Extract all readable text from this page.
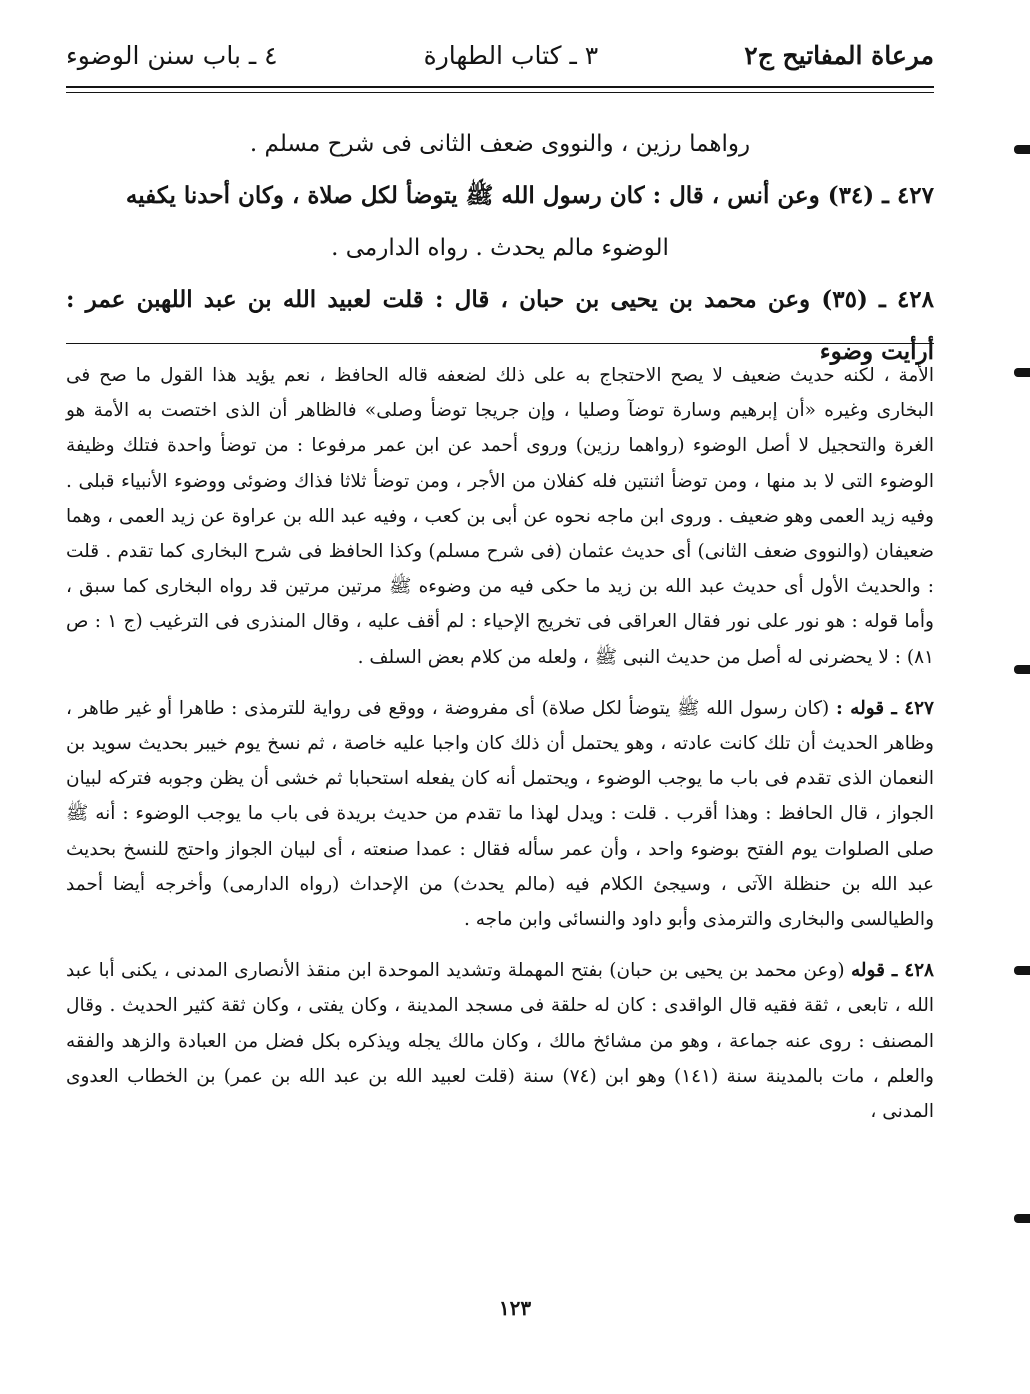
مرعاة المفاتيح ج٢
٣ ـ كتاب الطهارة
٤ ـ باب سنن الوضوء

رواهما رزين ، والنووى ضعف الثانى فى شرح مسلم .

٤٢٧ ـ (٣٤) وعن أنس ، قال : كان رسول الله ﷺ يتوضأ لكل صلاة ، وكان أحدنا يكفيه

الوضوء مالم يحدث . رواه الدارمى .

٤٢٨ ـ (٣٥) وعن محمد بن يحيى بن حبان ، قال : قلت لعبيد الله بن عبد اللهبن عمر : أرأيت وضوء

الأمة ، لكنه حديث ضعيف لا يصح الاحتجاج به على ذلك لضعفه قاله الحافظ ، نعم يؤيد هذا القول ما صح فى البخارى وغيره «أن إبرهيم وسارة توضآ وصليا ، وإن جريجا توضأ وصلى» فالظاهر أن الذى اختصت به الأمة هو الغرة والتحجيل لا أصل الوضوء (رواهما رزين) وروى أحمد عن ابن عمر مرفوعا : من توضأ واحدة فتلك وظيفة الوضوء التى لا بد منها ، ومن توضأ اثنتين فله كفلان من الأجر ، ومن توضأ ثلاثا فذاك وضوئى ووضوء الأنبياء قبلى . وفيه زيد العمى وهو ضعيف . وروى ابن ماجه نحوه عن أبى بن كعب ، وفيه عبد الله بن عراوة عن زيد العمى ، وهما ضعيفان (والنووى ضعف الثانى) أى حديث عثمان (فى شرح مسلم) وكذا الحافظ فى شرح البخارى كما تقدم . قلت : والحديث الأول أى حديث عبد الله بن زيد ما حكى فيه من وضوءه ﷺ مرتين مرتين قد رواه البخارى كما سبق ، وأما قوله : هو نور على نور فقال العراقى فى تخريج الإحياء : لم أقف عليه ، وقال المنذرى فى الترغيب (ج ١ : ص ٨١) : لا يحضرنى له أصل من حديث النبى ﷺ ، ولعله من كلام بعض السلف .

٤٢٧ ـ قوله : (كان رسول الله ﷺ يتوضأ لكل صلاة) أى مفروضة ، ووقع فى رواية للترمذى : طاهرا أو غير طاهر ، وظاهر الحديث أن تلك كانت عادته ، وهو يحتمل أن ذلك كان واجبا عليه خاصة ، ثم نسخ يوم خيبر بحديث سويد بن النعمان الذى تقدم فى باب ما يوجب الوضوء ، ويحتمل أنه كان يفعله استحبابا ثم خشى أن يظن وجوبه فتركه لبيان الجواز ، قال الحافظ : وهذا أقرب . قلت : ويدل لهذا ما تقدم من حديث بريدة فى باب ما يوجب الوضوء : أنه ﷺ صلى الصلوات يوم الفتح بوضوء واحد ، وأن عمر سأله فقال : عمدا صنعته ، أى لبيان الجواز واحتج للنسخ بحديث عبد الله بن حنظلة الآتى ، وسيجئ الكلام فيه (مالم يحدث) من الإحداث (رواه الدارمى) وأخرجه أيضا أحمد والطيالسى والبخارى والترمذى وأبو داود والنسائى وابن ماجه .

٤٢٨ ـ قوله (وعن محمد بن يحيى بن حبان) بفتح المهملة وتشديد الموحدة ابن منقذ الأنصارى المدنى ، يكنى أبا عبد الله ، تابعى ، ثقة فقيه قال الواقدى : كان له حلقة فى مسجد المدينة ، وكان يفتى ، وكان ثقة كثير الحديث . وقال المصنف : روى عنه جماعة ، وهو من مشائخ مالك ، وكان مالك يجله ويذكره بكل فضل من العبادة والزهد والفقه والعلم ، مات بالمدينة سنة (١٤١) وهو ابن (٧٤) سنة (قلت لعبيد الله بن عبد الله بن عمر) بن الخطاب العدوى المدنى ،

١٢٣
